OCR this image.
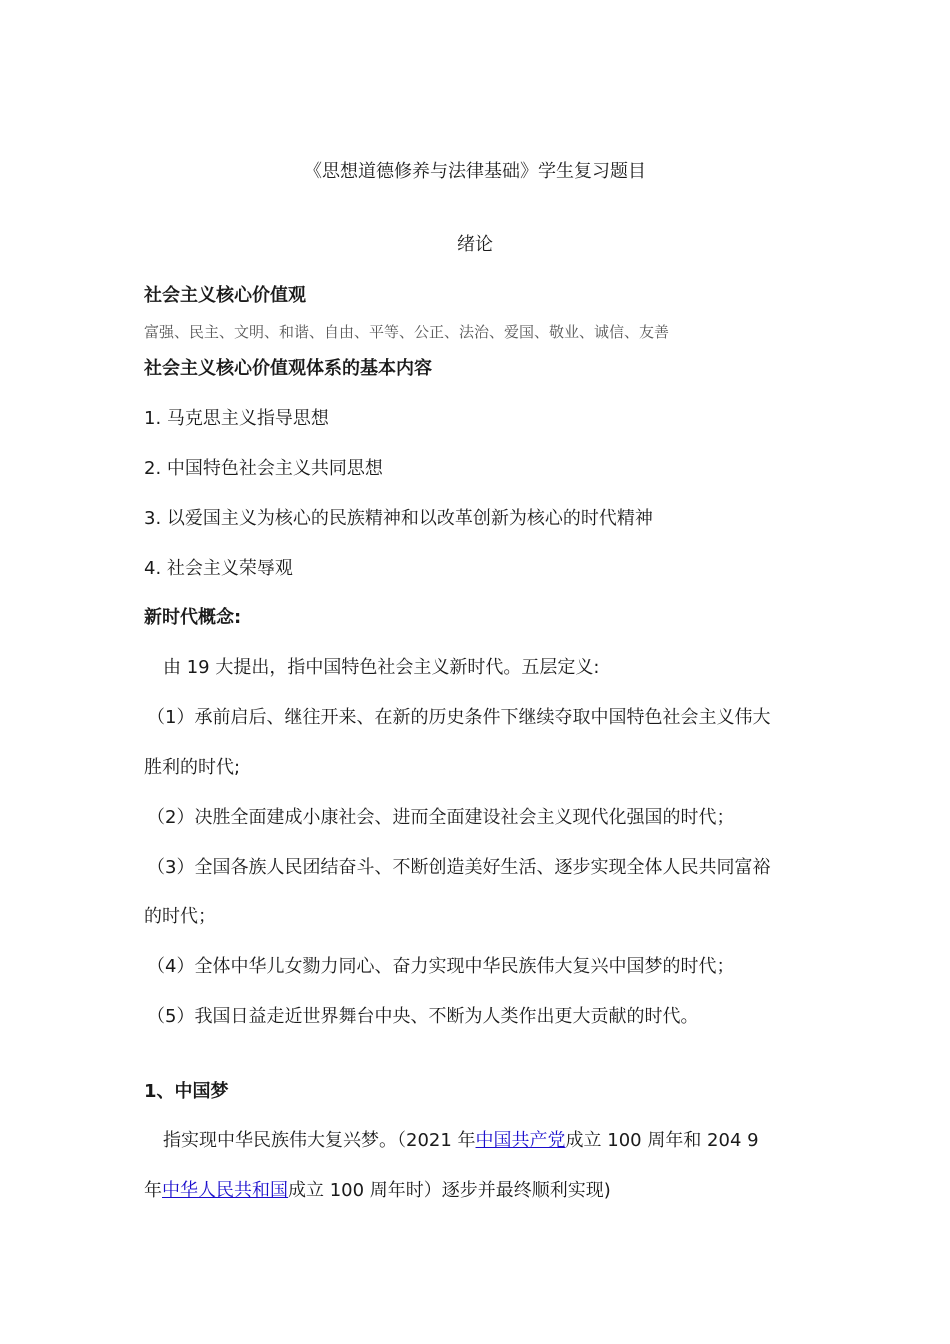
《思想道德修养与法律基础》学生复习题目
绪论
社会主义核心价值观
富强、民主、文明、和谐、自由、平等、公正、法治、爱国、敬业、诚信、友善
社会主义核心价值观体系的基本内容
1. 马克思主义指导思想
2. 中国特色社会主义共同思想
3. 以爱国主义为核心的民族精神和以改革创新为核心的时代精神
4. 社会主义荣辱观
新时代概念:
由 19 大提出，指中国特色社会主义新时代。五层定义:
（1）承前启后、继往开来、在新的历史条件下继续夺取中国特色社会主义伟大
胜利的时代;
（2）决胜全面建成小康社会、进而全面建设社会主义现代化强国的时代；
（3）全国各族人民团结奋斗、不断创造美好生活、逐步实现全体人民共同富裕
的时代；
（4）全体中华儿女勠力同心、奋力实现中华民族伟大复兴中国梦的时代；
（5）我国日益走近世界舞台中央、不断为人类作出更大贡献的时代。
1、中国梦
指实现中华民族伟大复兴梦。（2021 年中国共产党成立 100 周年和 204 9
年中华人民共和国成立 100 周年时）逐步并最终顺利实现)
